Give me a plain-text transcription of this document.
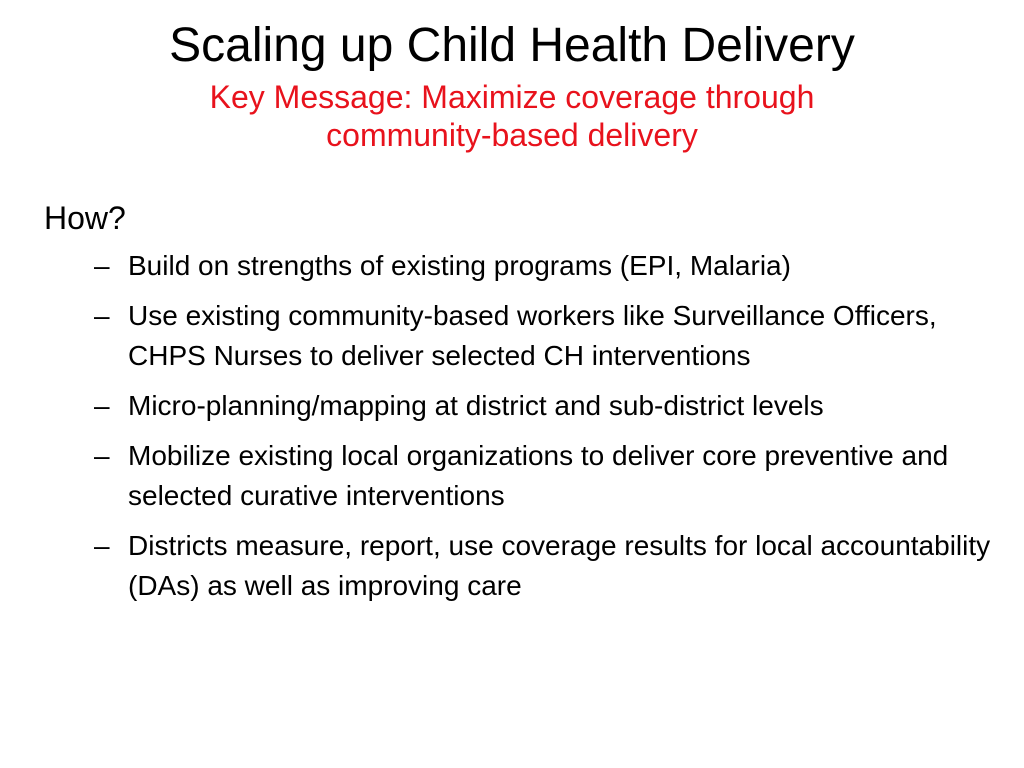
Scaling up Child Health Delivery
Key Message: Maximize coverage through
community-based delivery
How?
– Build on strengths of existing programs (EPI, Malaria)
– Use existing community-based workers like Surveillance Officers, CHPS Nurses to deliver selected CH interventions
– Micro-planning/mapping at district and sub-district levels
– Mobilize existing local organizations to deliver core preventive and selected curative interventions
– Districts measure, report, use coverage results for local accountability (DAs) as well as improving care
